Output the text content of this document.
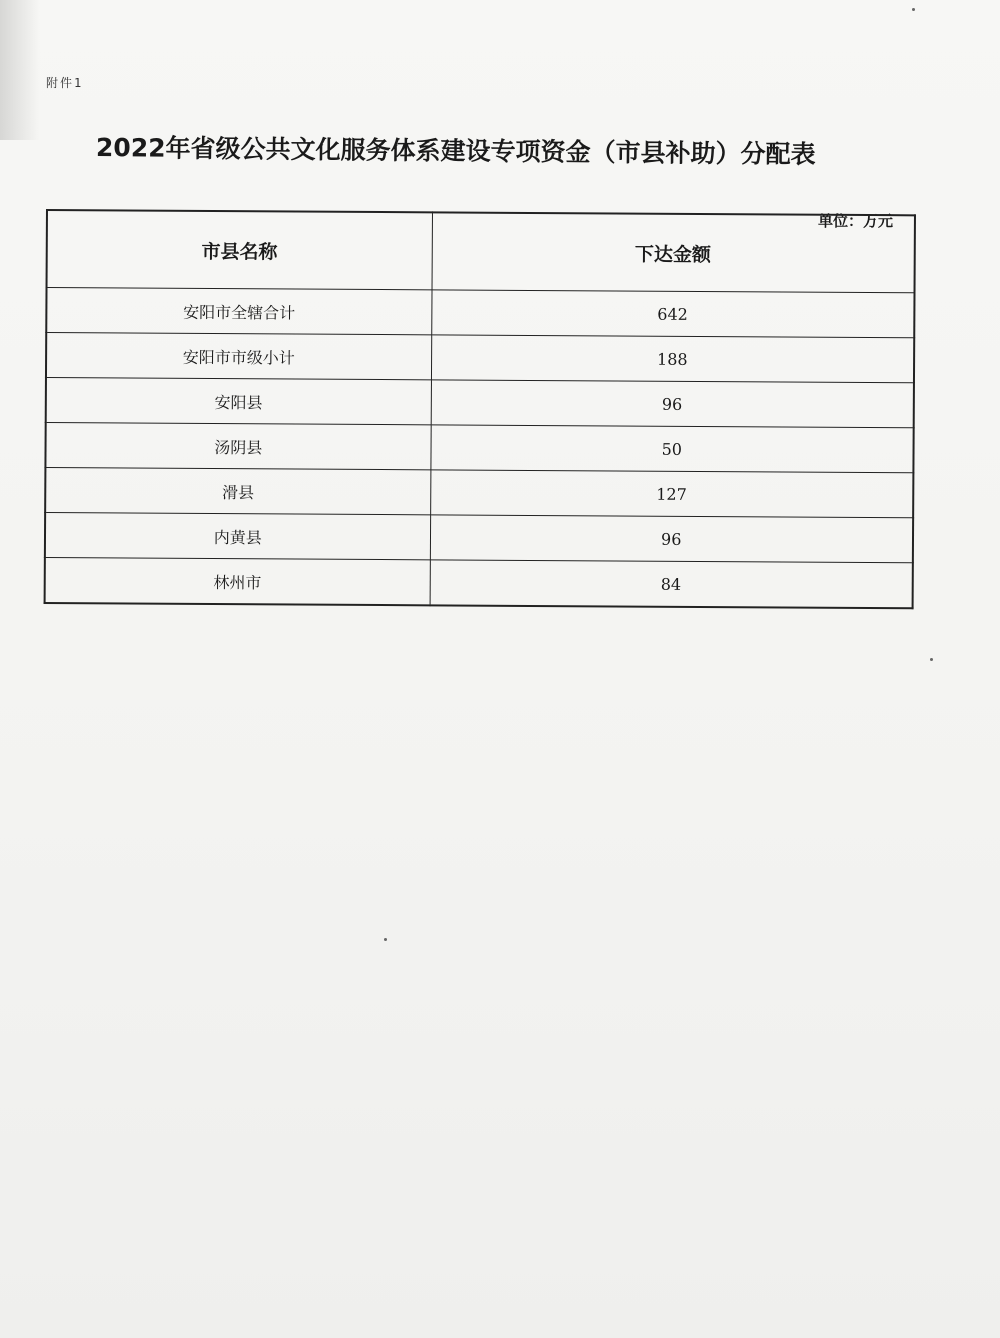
附件1
2022年省级公共文化服务体系建设专项资金（市县补助）分配表
单位：万元
市县名称	下达金额
安阳市全辖合计	642
安阳市市级小计	188
安阳县	96
汤阴县	50
滑县	127
内黄县	96
林州市	84
